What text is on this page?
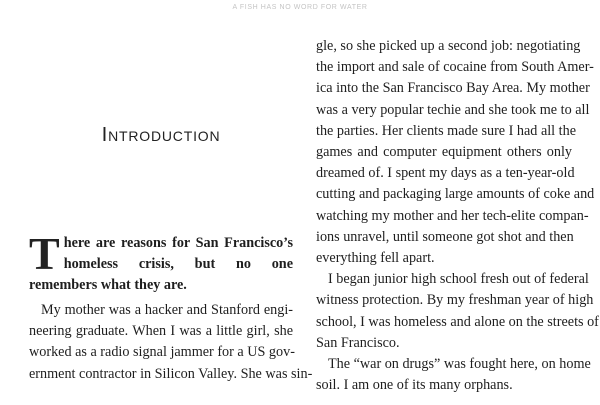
A FISH HAS NO WORD FOR WATER
Introduction

There are reasons for San Francisco’s homeless crisis, but no one remembers what they are.

My mother was a hacker and Stanford engi-
neering graduate. When I was a little girl, she
worked as a radio signal jammer for a US gov-
ernment contractor in Silicon Valley. She was sin-

gle, so she picked up a second job: negotiating
the import and sale of cocaine from South Amer-
ica into the San Francisco Bay Area. My mother
was a very popular techie and she took me to all
the parties. Her clients made sure I had all the
games and computer equipment others only
dreamed of. I spent my days as a ten-year-old
cutting and packaging large amounts of coke and
watching my mother and her tech-elite compan-
ions unravel, until someone got shot and then
everything fell apart.

I began junior high school fresh out of federal
witness protection. By my freshman year of high
school, I was homeless and alone on the streets of
San Francisco.

The “war on drugs” was fought here, on home
soil. I am one of its many orphans.
